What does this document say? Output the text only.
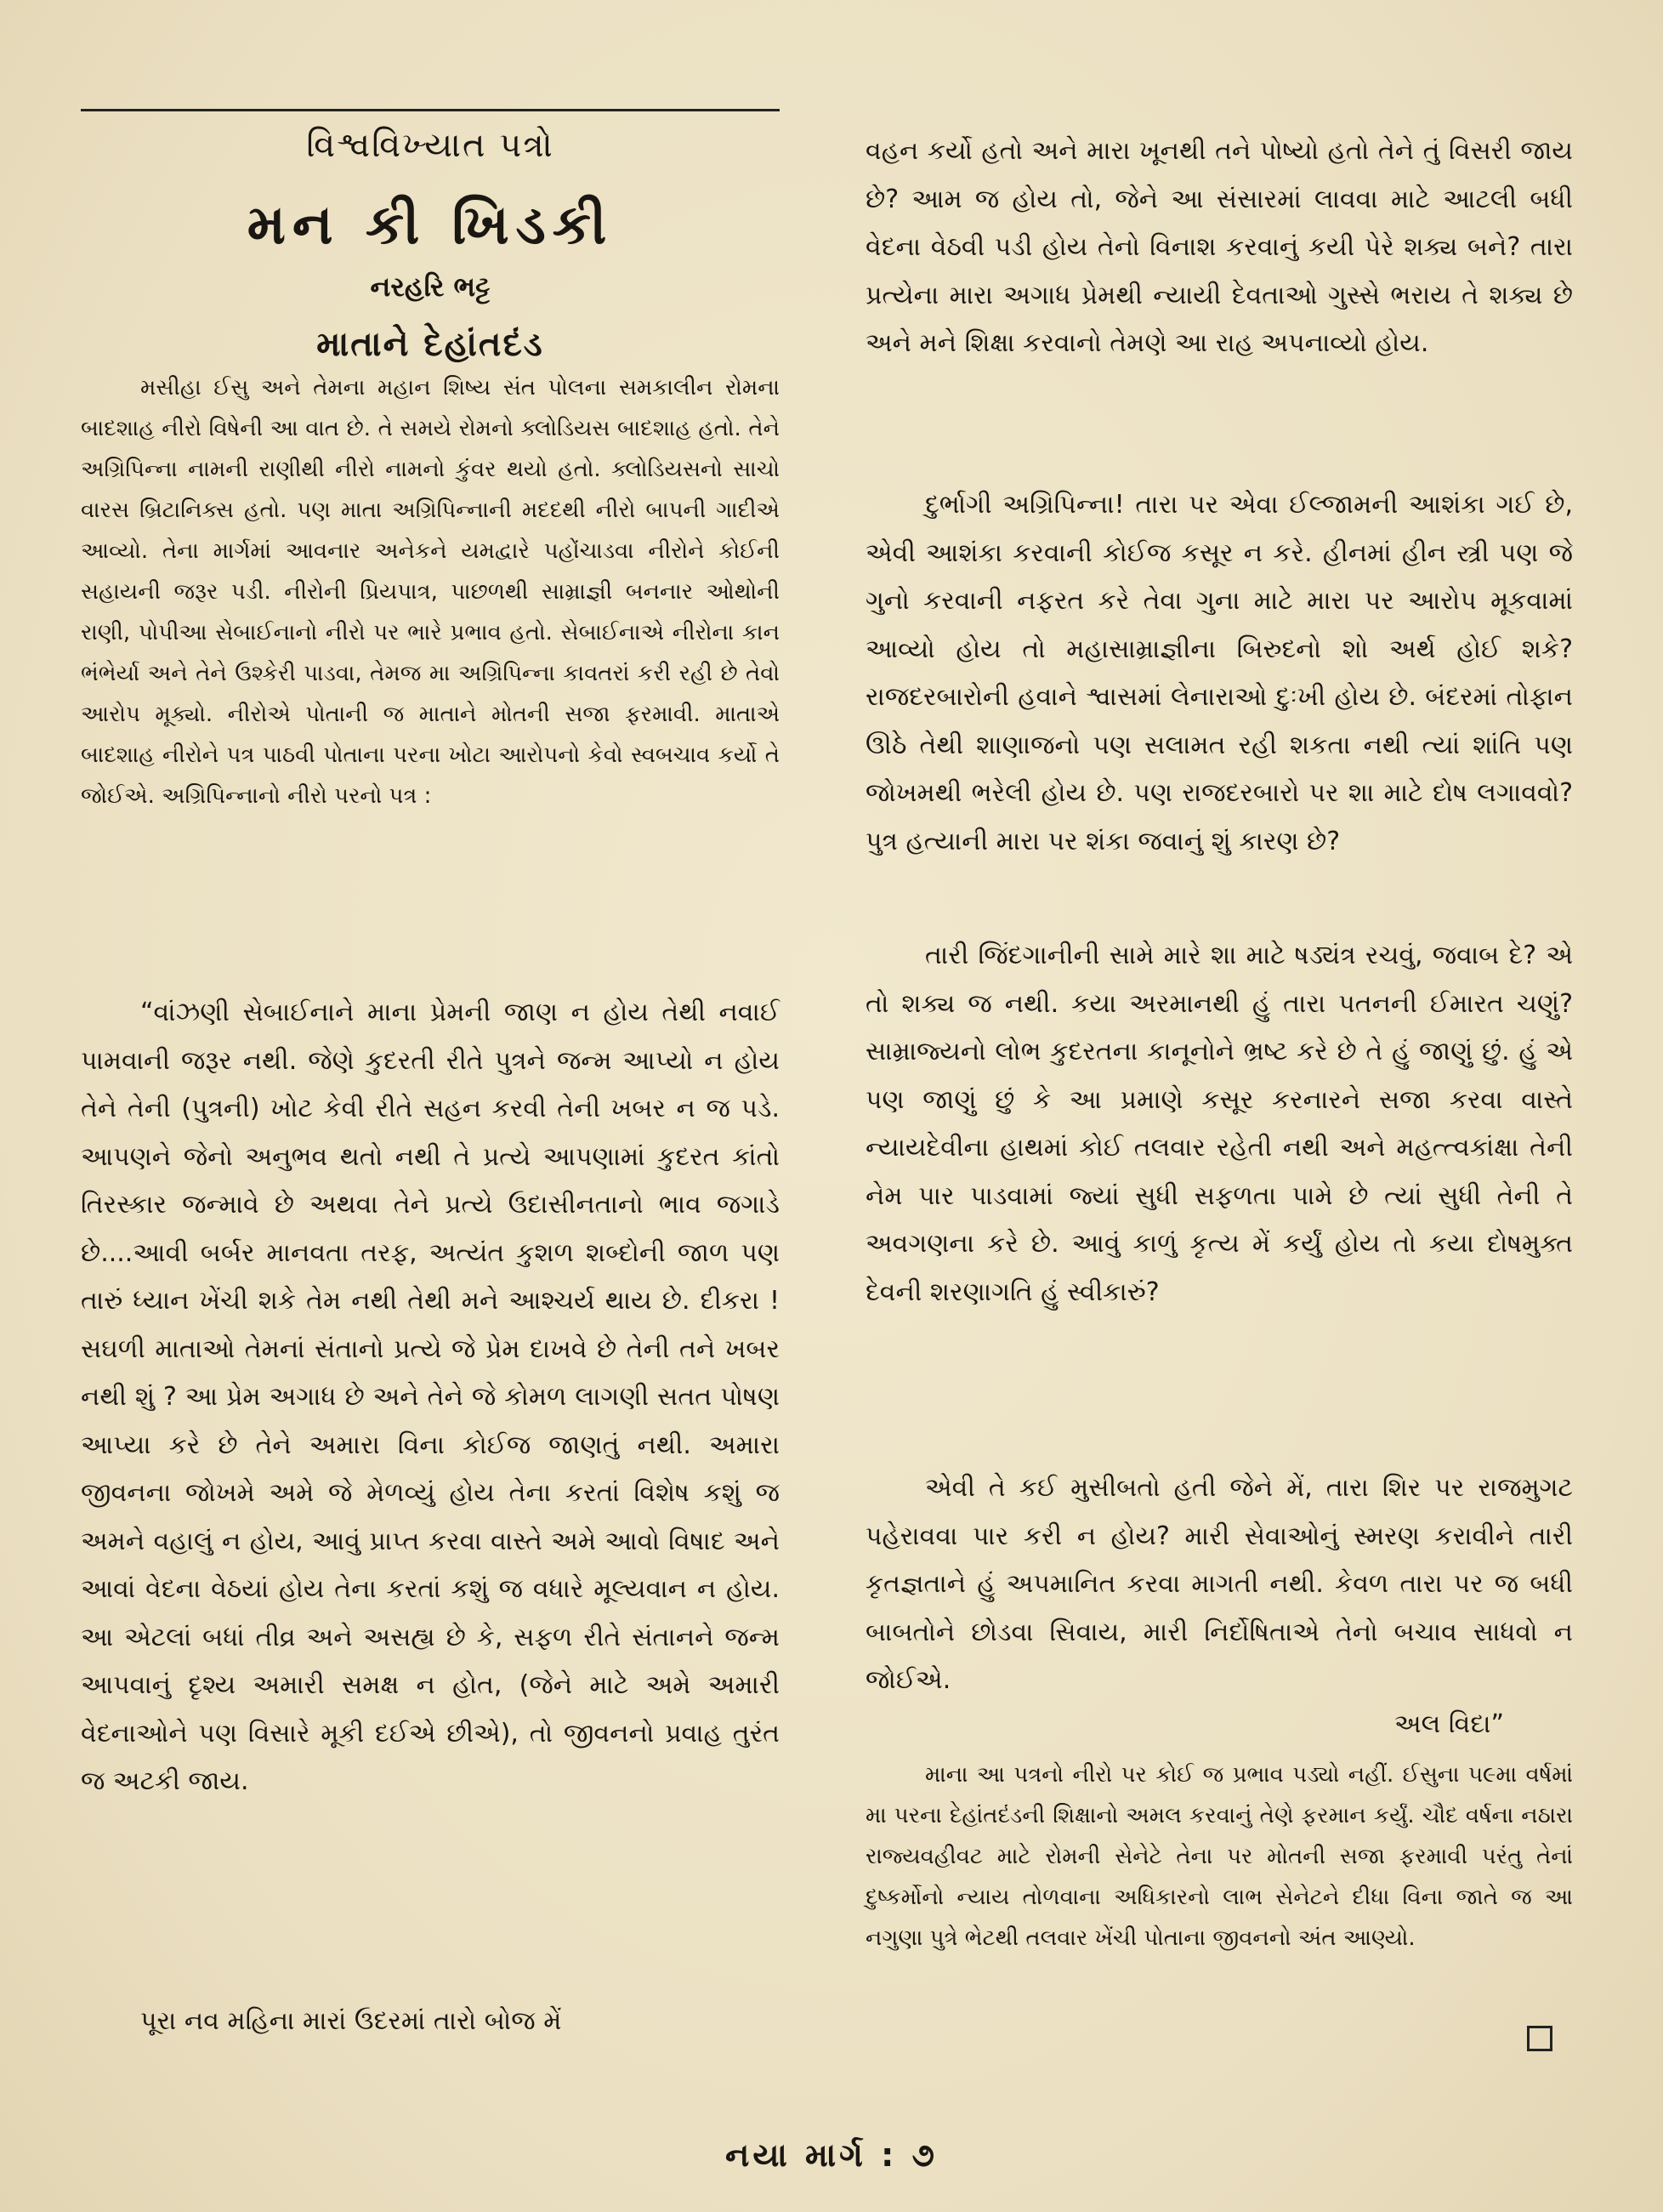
વિશ્વવિખ્યાત પત્રો
મન કી ખિડકી
નરહરિ ભટ્ટ
માતાને દેહાંતદંડ

મસીહા ઈસુ અને તેમના મહાન શિષ્ય સંત પોલના સમકાલીન રોમના બાદશાહ નીરો વિષેની આ વાત છે. તે સમયે રોમનો ક્લોડિયસ બાદશાહ હતો. તેને અગ્રિપિન્ના નામની રાણીથી નીરો નામનો કુંવર થયો હતો. ક્લોડિયસનો સાચો વારસ બ્રિટાનિક્સ હતો. પણ માતા અગ્રિપિન્નાની મદદથી નીરો બાપની ગાદીએ આવ્યો. તેના માર્ગમાં આવનાર અનેકને યમદ્વારે પહોંચાડવા નીરોને કોઈની સહાયની જરૂર પડી. નીરોની પ્રિયપાત્ર, પાછળથી સામ્રાજ્ઞી બનનાર ઓથોની રાણી, પોપીઆ સેબાઈનાનો નીરો પર ભારે પ્રભાવ હતો. સેબાઈનાએ નીરોના કાન ભંભેર્યા અને તેને ઉશ્કેરી પાડવા, તેમજ મા અગ્રિપિન્ના કાવતરાં કરી રહી છે તેવો આરોપ મૂક્યો. નીરોએ પોતાની જ માતાને મોતની સજા ફરમાવી. માતાએ બાદશાહ નીરોને પત્ર પાઠવી પોતાના પરના ખોટા આરોપનો કેવો સ્વબચાવ કર્યો તે જોઈએ. અગ્રિપિન્નાનો નીરો પરનો પત્ર :

“વાંઝણી સેબાઈનાને માના પ્રેમની જાણ ન હોય તેથી નવાઈ પામવાની જરૂર નથી. જેણે કુદરતી રીતે પુત્રને જન્મ આપ્યો ન હોય તેને તેની (પુત્રની) ખોટ કેવી રીતે સહન કરવી તેની ખબર ન જ પડે. આપણને જેનો અનુભવ થતો નથી તે પ્રત્યે આપણામાં કુદરત કાંતો તિરસ્કાર જન્માવે છે અથવા તેને પ્રત્યે ઉદાસીનતાનો ભાવ જગાડે છે....આવી બર્બર માનવતા તરફ, અત્યંત કુશળ શબ્દોની જાળ પણ તારું ધ્યાન ખેંચી શકે તેમ નથી તેથી મને આશ્ચર્ય થાય છે. દીકરા ! સઘળી માતાઓ તેમનાં સંતાનો પ્રત્યે જે પ્રેમ દાખવે છે તેની તને ખબર નથી શું ? આ પ્રેમ અગાધ છે અને તેને જે કોમળ લાગણી સતત પોષણ આપ્યા કરે છે તેને અમારા વિના કોઈજ જાણતું નથી. અમારા જીવનના જોખમે અમે જે મેળવ્યું હોય તેના કરતાં વિશેષ કશું જ અમને વહાલું ન હોય, આવું પ્રાપ્ત કરવા વાસ્તે અમે આવો વિષાદ અને આવાં વેદના વેઠયાં હોય તેના કરતાં કશું જ વધારે મૂલ્યવાન ન હોય. આ એટલાં બધાં તીવ્ર અને અસહ્ય છે કે, સફળ રીતે સંતાનને જન્મ આપવાનું દૃશ્ય અમારી સમક્ષ ન હોત, (જેને માટે અમે અમારી વેદનાઓને પણ વિસારે મૂકી દઈએ છીએ), તો જીવનનો પ્રવાહ તુરંત જ અટકી જાય.

પૂરા નવ મહિના મારાં ઉદરમાં તારો બોજ મેં

વહન કર્યો હતો અને મારા ખૂનથી તને પોષ્યો હતો તેને તું વિસરી જાય છે? આમ જ હોય તો, જેને આ સંસારમાં લાવવા માટે આટલી બધી વેદના વેઠવી પડી હોય તેનો વિનાશ કરવાનું કયી પેરે શક્ય બને? તારા પ્રત્યેના મારા અગાધ પ્રેમથી ન્યાયી દેવતાઓ ગુસ્સે ભરાય તે શક્ય છે અને મને શિક્ષા કરવાનો તેમણે આ રાહ અપનાવ્યો હોય.

દુર્ભાગી અગ્રિપિન્ના! તારા પર એવા ઈલ્જામની આશંકા ગઈ છે, એવી આશંકા કરવાની કોઈજ કસૂર ન કરે. હીનમાં હીન સ્ત્રી પણ જે ગુનો કરવાની નફરત કરે તેવા ગુના માટે મારા પર આરોપ મૂકવામાં આવ્યો હોય તો મહાસામ્રાજ્ઞીના બિરુદનો શો અર્થ હોઈ શકે? રાજદરબારોની હવાને શ્વાસમાં લેનારાઓ દુઃખી હોય છે. બંદરમાં તોફાન ઊઠે તેથી શાણાજનો પણ સલામત રહી શકતા નથી ત્યાં શાંતિ પણ જોખમથી ભરેલી હોય છે. પણ રાજદરબારો પર શા માટે દોષ લગાવવો? પુત્ર હત્યાની મારા પર શંકા જવાનું શું કારણ છે?

તારી જિંદગાનીની સામે મારે શા માટે ષડ્યંત્ર રચવું, જવાબ દે? એ તો શક્ય જ નથી. કયા અરમાનથી હું તારા પતનની ઈમારત ચણું? સામ્રાજ્યનો લોભ કુદરતના કાનૂનોને ભ્રષ્ટ કરે છે તે હું જાણું છું. હું એ પણ જાણું છું કે આ પ્રમાણે કસૂર કરનારને સજા કરવા વાસ્તે ન્યાયદેવીના હાથમાં કોઈ તલવાર રહેતી નથી અને મહત્ત્વકાંક્ષા તેની નેમ પાર પાડવામાં જ્યાં સુધી સફળતા પામે છે ત્યાં સુધી તેની તે અવગણના કરે છે. આવું કાળું કૃત્ય મેં કર્યું હોય તો કયા દોષમુક્ત દેવની શરણાગતિ હું સ્વીકારું?

એવી તે કઈ મુસીબતો હતી જેને મેં, તારા શિર પર રાજમુગટ પહેરાવવા પાર કરી ન હોય? મારી સેવાઓનું સ્મરણ કરાવીને તારી કૃતજ્ઞતાને હું અપમાનિત કરવા માગતી નથી. કેવળ તારા પર જ બધી બાબતોને છોડવા સિવાય, મારી નિર્દોષિતાએ તેનો બચાવ સાધવો ન જોઈએ.

અલ વિદા”

માના આ પત્રનો નીરો પર કોઈ જ પ્રભાવ પડ્યો નહીં. ઈસુના ૫૯મા વર્ષમાં મા પરના દેહાંતદંડની શિક્ષાનો અમલ કરવાનું તેણે ફરમાન કર્યું. ચૌદ વર્ષના નઠારા રાજ્યવહીવટ માટે રોમની સેનેટે તેના પર મોતની સજા ફરમાવી પરંતુ તેનાં દુષ્કર્મોનો ન્યાય તોળવાના અધિકારનો લાભ સેનેટને દીધા વિના જાતે જ આ નગુણા પુત્રે ભેટથી તલવાર ખેંચી પોતાના જીવનનો અંત આણ્યો.

નયા માર્ગ : ૭
